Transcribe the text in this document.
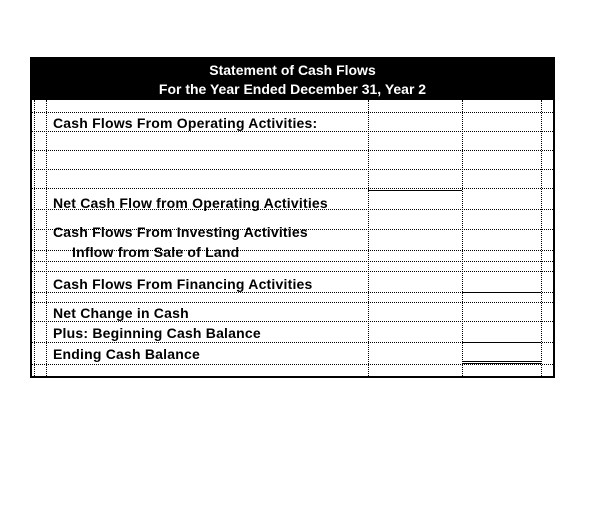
Statement of Cash Flows
For the Year Ended December 31, Year 2
Cash Flows From Operating Activities:
Net Cash Flow from Operating Activities
Cash Flows From Investing Activities
Inflow from Sale of Land
Cash Flows From Financing Activities
Net Change in Cash
Plus: Beginning Cash Balance
Ending Cash Balance
